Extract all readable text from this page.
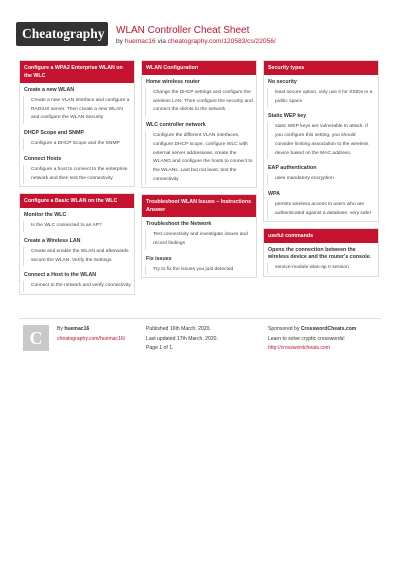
Cheatography	WLAN Controller Cheat Sheet
by huemac16 via cheatography.com/120583/cs/22056/
Configure a WPA2 Enterprise WLAN on the WLC
Create a new WLAN
Create a new VLAN interface and configure a RADIUS server. Then create a new WLAN and configure the WLAN Security
DHCP Scope and SNMP
Configure a DHCP Scope and the SNMP
Connect Hosts
Configure a host to connect to the enterprise network and then test the connectivity
Configure a Basic WLAN on the WLC
Monitor the WLC
Is the WLC connected to an AP?
Create a Wireless LAN
Create and enable the WLAN and afterwards secure the WLAN. Verify the Settings
Connect a Host to the WLAN
Connect to the network and verify connectivity
WLAN Configuration
Home wireless router
Change the DHCP settings and configure the wireless LAN. Then configure the security and connect the clients to the network
WLC controller network
Configure the different VLAN interfaces, configure DHCP scope, configure WLC with external server addresseas, create the WLANG and configure the hosts to connect to the WLANs. Last but not least, test the connectivity
Troubleshoot WLAN Issues – Instructions Answer
Troubleshoot the Network
Test connectivity and investigate issues and record findings
Fix issues
Try to fix the issues you just detected
Security types
No security
least secure option, only use it for SSIDs in a public space
Static WEP key
static WEP keys are vulnerable to attack. If you configure this setting, you should consider limiting association to the wireless device based on the MAC address.
EAP authentication
uses mandatory encryption
WPA
permits wireless access to users who are authenticated against a database. very safe!
useful commands
Opens the connection between the wireless device and the router's console.
service-module wlan-ap 0 session
C	By huemac16
cheatography.com/huemac16/
Published 16th March, 2020.
Last updated 17th March, 2020.
Page 1 of 1.
Sponsored by CrosswordCheats.com
Learn to solve cryptic crosswords!
http://crosswordcheats.com
